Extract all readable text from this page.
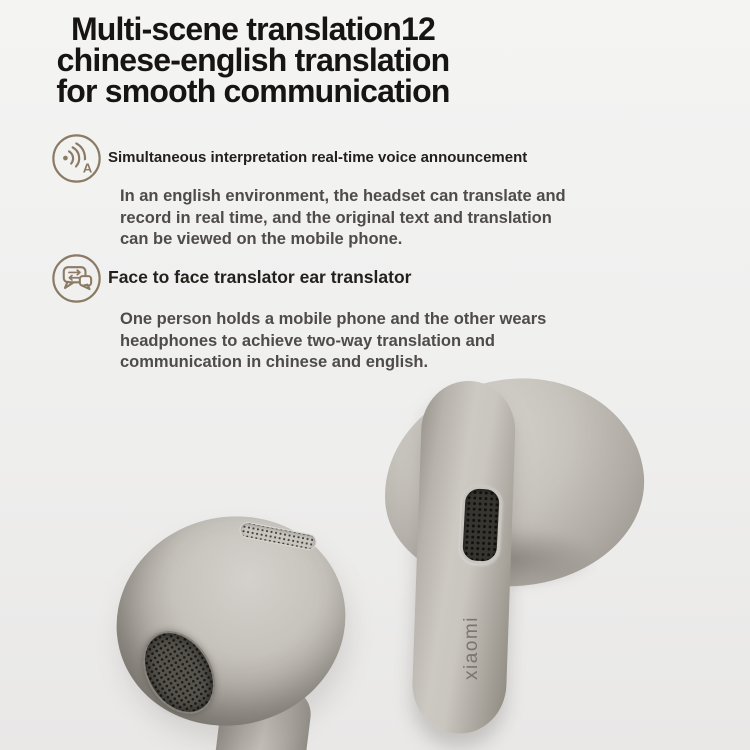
Multi-scene translation12
chinese-english translation
for smooth communication
A
Simultaneous interpretation real-time voice announcement

In an english environment, the headset can translate and
record in real time, and the original text and translation
can be viewed on the mobile phone.

Face to face translator ear translator

One person holds a mobile phone and the other wears
headphones to achieve two-way translation and
communication in chinese and english.

xiaomi
